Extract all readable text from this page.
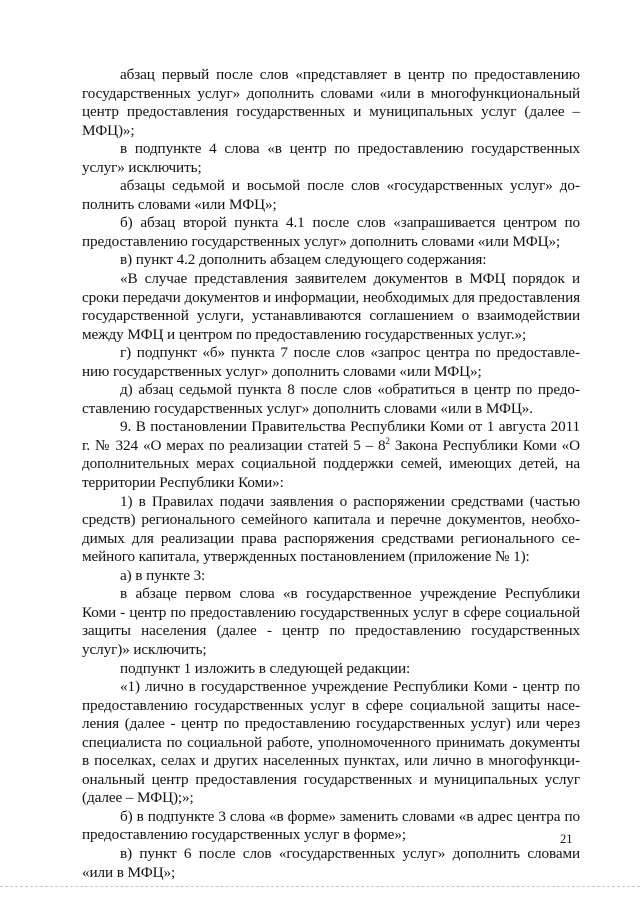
абзац первый после слов «представляет в центр по предоставлению государственных услуг» дополнить словами «или в многофункциональный центр предоставления государственных и муниципальных услуг (далее – МФЦ)»;

в подпункте 4 слова «в центр по предоставлению государственных услуг» исключить;

абзацы седьмой и восьмой после слов «государственных услуг» дополнить словами «или МФЦ»;

б) абзац второй пункта 4.1 после слов «запрашивается центром по предоставлению государственных услуг» дополнить словами «или МФЦ»;

в) пункт 4.2 дополнить абзацем следующего содержания:

«В случае представления заявителем документов в МФЦ порядок и сроки передачи документов и информации, необходимых для предоставления государственной услуги, устанавливаются соглашением о взаимодействии между МФЦ и центром по предоставлению государственных услуг.»;

г) подпункт «б» пункта 7 после слов «запрос центра по предоставлению государственных услуг» дополнить словами «или МФЦ»;

д) абзац седьмой пункта 8 после слов «обратиться в центр по предоставлению государственных услуг» дополнить словами «или в МФЦ».

9. В постановлении Правительства Республики Коми от 1 августа 2011 г. № 324 «О мерах по реализации статей $5 - 8^2$ Закона Республики Коми «О дополнительных мерах социальной поддержки семей, имеющих детей, на территории Республики Коми»:

1) в Правилах подачи заявления о распоряжении средствами (частью средств) регионального семейного капитала и перечне документов, необходимых для реализации права распоряжения средствами регионального семейного капитала, утвержденных постановлением (приложение № 1):

а) в пункте 3:

в абзаце первом слова «в государственное учреждение Республики Коми - центр по предоставлению государственных услуг в сфере социальной защиты населения (далее - центр по предоставлению государственных услуг)» исключить;

подпункт 1 изложить в следующей редакции:

«1) лично в государственное учреждение Республики Коми - центр по предоставлению государственных услуг в сфере социальной защиты населения (далее - центр по предоставлению государственных услуг) или через специалиста по социальной работе, уполномоченного принимать документы в поселках, селах и других населенных пунктах, или лично в многофункциональный центр предоставления государственных и муниципальных услуг (далее – МФЦ);»;

б) в подпункте 3 слова «в форме» заменить словами «в адрес центра по предоставлению государственных услуг в форме»;

в) пункт 6 после слов «государственных услуг» дополнить словами «или в МФЦ»;

21
